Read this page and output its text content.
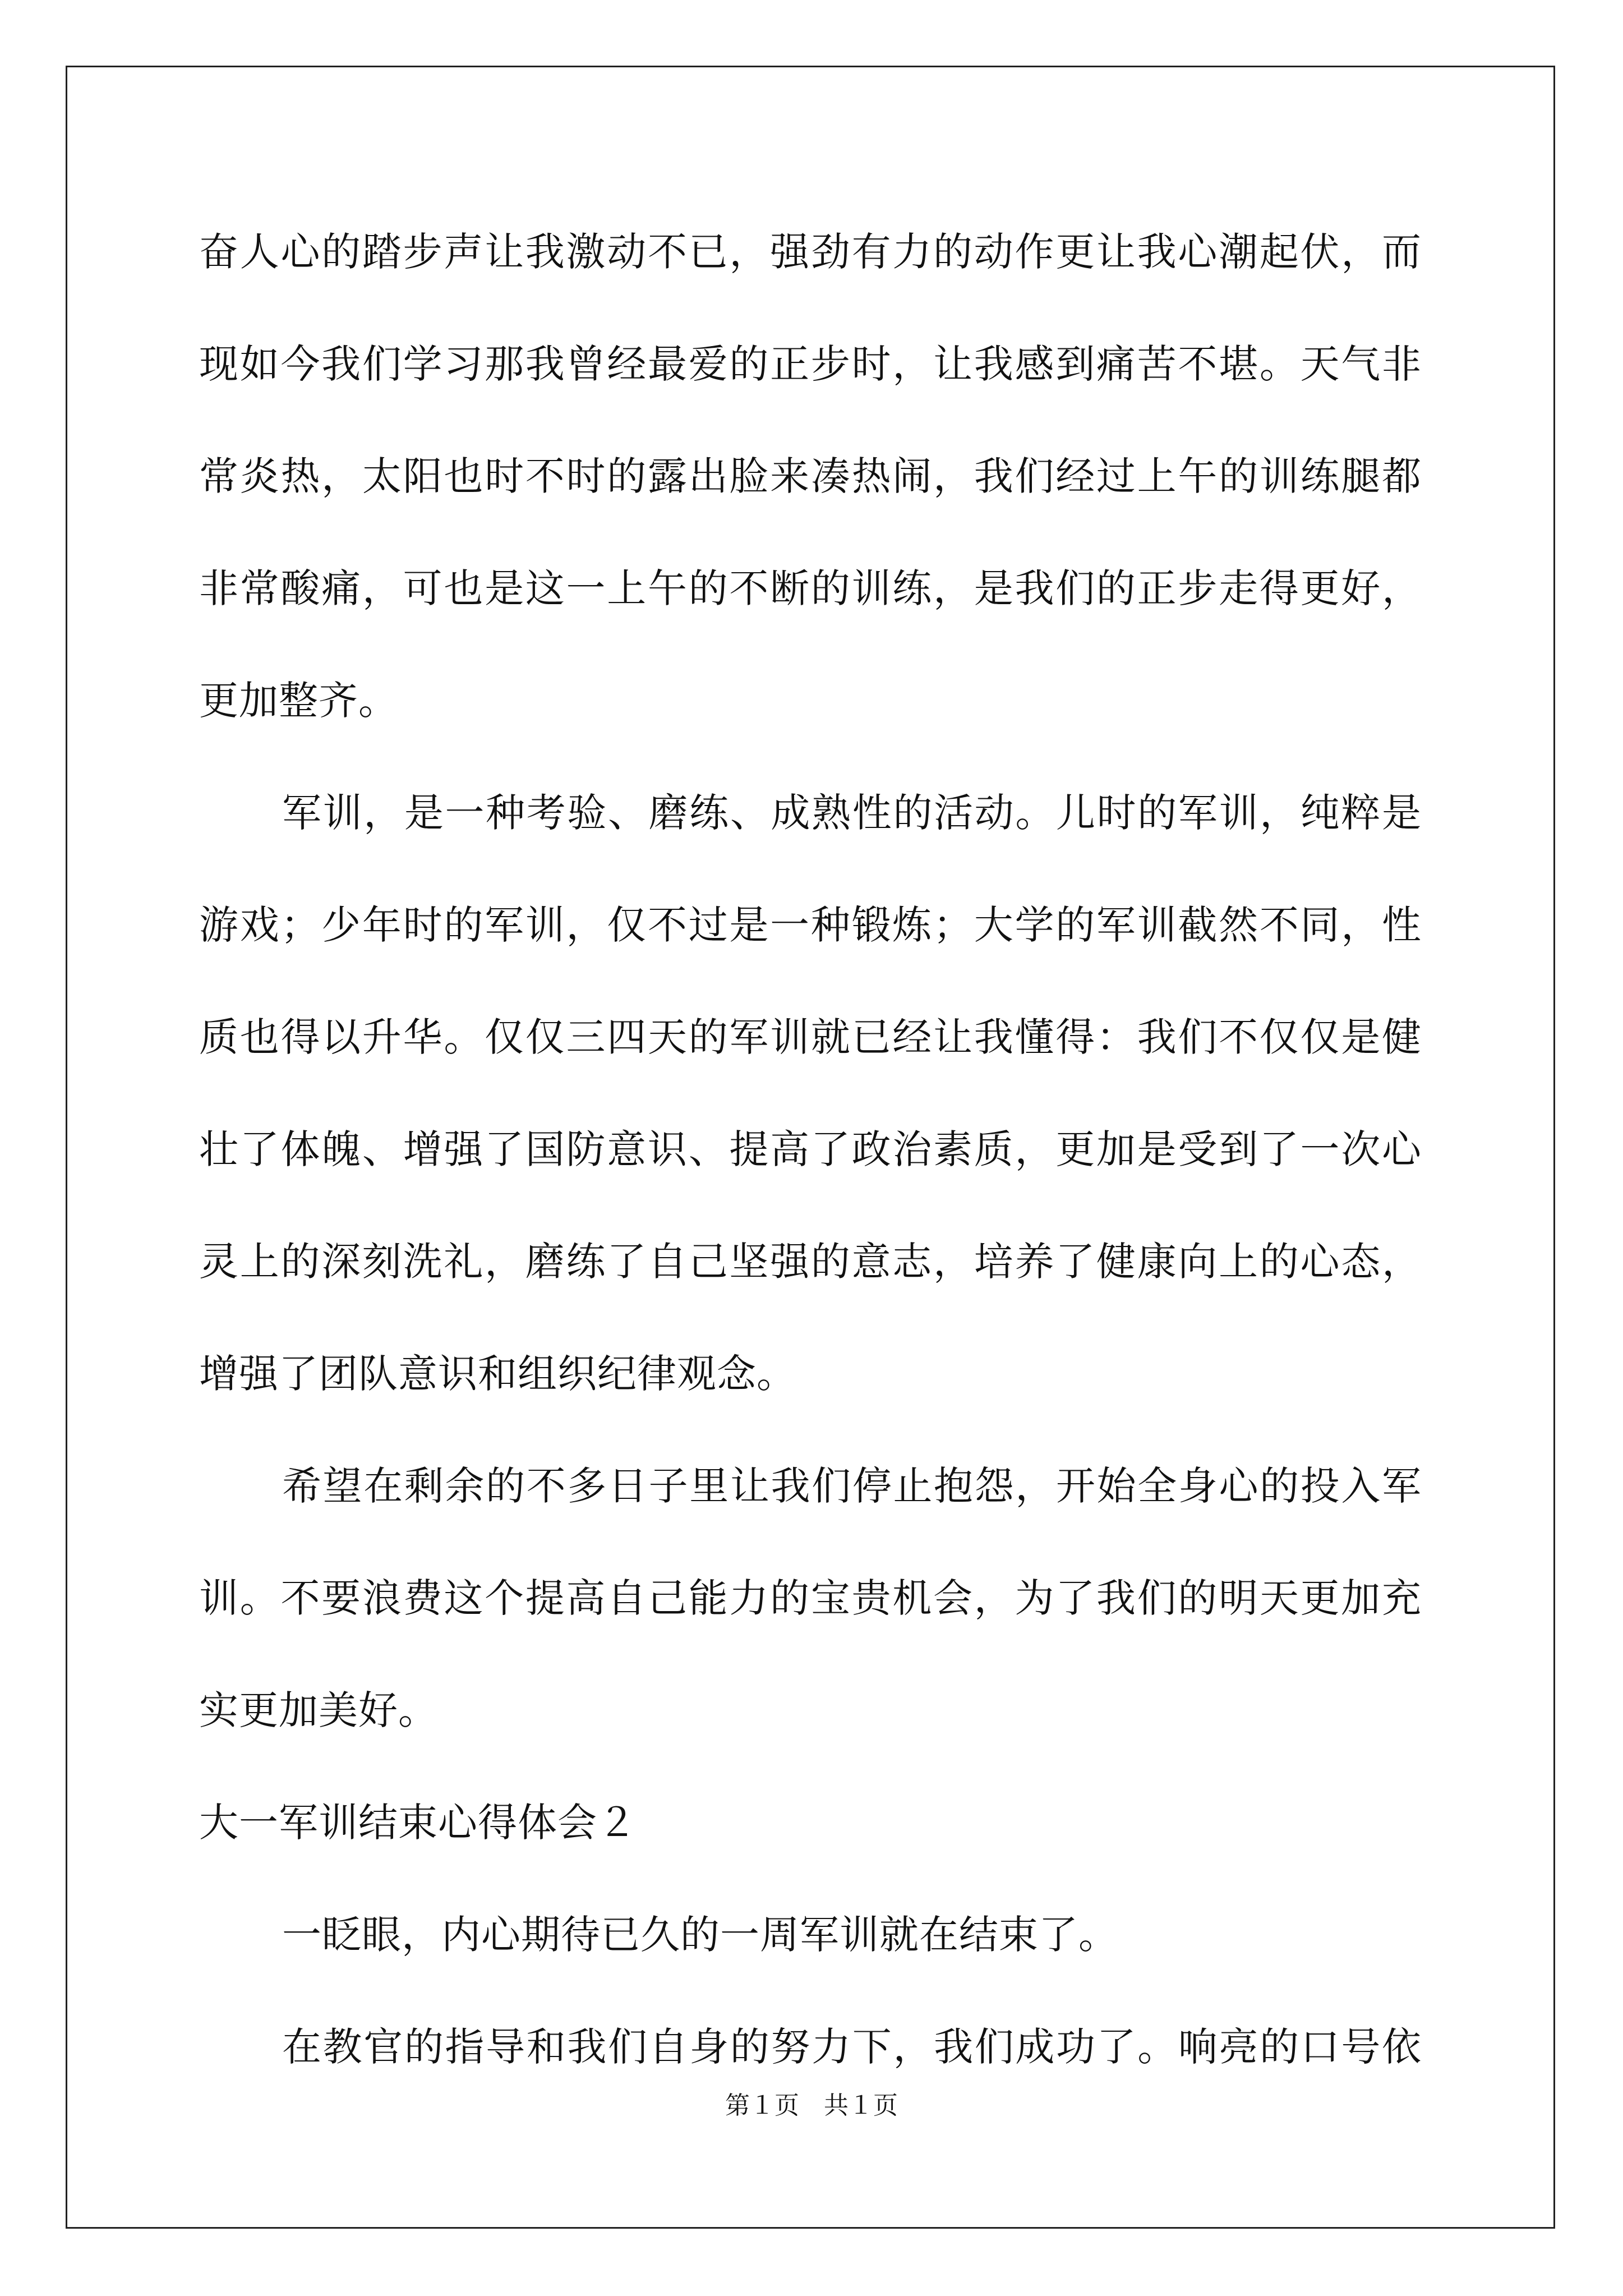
奋人心的踏步声让我激动不已，强劲有力的动作更让我心潮起伏，而
现如今我们学习那我曾经最爱的正步时，让我感到痛苦不堪。天气非
常炎热，太阳也时不时的露出脸来凑热闹，我们经过上午的训练腿都
非常酸痛，可也是这一上午的不断的训练，是我们的正步走得更好，
更加整齐。
军训，是一种考验、磨练、成熟性的活动。儿时的军训，纯粹是
游戏；少年时的军训，仅不过是一种锻炼；大学的军训截然不同，性
质也得以升华。仅仅三四天的军训就已经让我懂得：我们不仅仅是健
壮了体魄、增强了国防意识、提高了政治素质，更加是受到了一次心
灵上的深刻洗礼，磨练了自己坚强的意志，培养了健康向上的心态，
增强了团队意识和组织纪律观念。
希望在剩余的不多日子里让我们停止抱怨，开始全身心的投入军
训。不要浪费这个提高自己能力的宝贵机会，为了我们的明天更加充
实更加美好。
大一军训结束心得体会２
一眨眼，内心期待已久的一周军训就在结束了。
在教官的指导和我们自身的努力下，我们成功了。响亮的口号依
第１页　共１页
